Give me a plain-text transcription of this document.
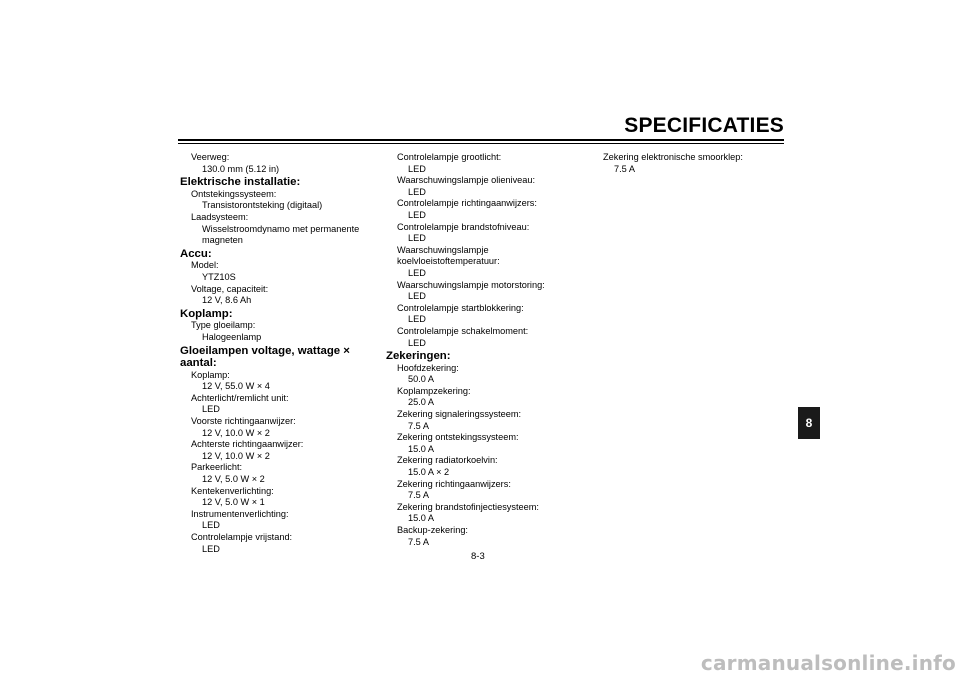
SPECIFICATIES
Veerweg:
130.0 mm (5.12 in)
Elektrische installatie:
Ontstekingssysteem:
Transistorontsteking (digitaal)
Laadsysteem:
Wisselstroomdynamo met permanente
magneten
Accu:
Model:
YTZ10S
Voltage, capaciteit:
12 V, 8.6 Ah
Koplamp:
Type gloeilamp:
Halogeenlamp
Gloeilampen voltage, wattage × aantal:
Koplamp:
12 V, 55.0 W × 4
Achterlicht/remlicht unit:
LED
Voorste richtingaanwijzer:
12 V, 10.0 W × 2
Achterste richtingaanwijzer:
12 V, 10.0 W × 2
Parkeerlicht:
12 V, 5.0 W × 2
Kentekenverlichting:
12 V, 5.0 W × 1
Instrumentenverlichting:
LED
Controlelampje vrijstand:
LED
Controlelampje grootlicht:
LED
Waarschuwingslampje olieniveau:
LED
Controlelampje richtingaanwijzers:
LED
Controlelampje brandstofniveau:
LED
Waarschuwingslampje
koelvloeistoftemperatuur:
LED
Waarschuwingslampje motorstoring:
LED
Controlelampje startblokkering:
LED
Controlelampje schakelmoment:
LED
Zekeringen:
Hoofdzekering:
50.0 A
Koplampzekering:
25.0 A
Zekering signaleringssysteem:
7.5 A
Zekering ontstekingssysteem:
15.0 A
Zekering radiatorkoelvin:
15.0 A × 2
Zekering richtingaanwijzers:
7.5 A
Zekering brandstofinjectiesysteem:
15.0 A
Backup-zekering:
7.5 A
Zekering elektronische smoorklep:
7.5 A
8
8-3
carmanualsonline.info
